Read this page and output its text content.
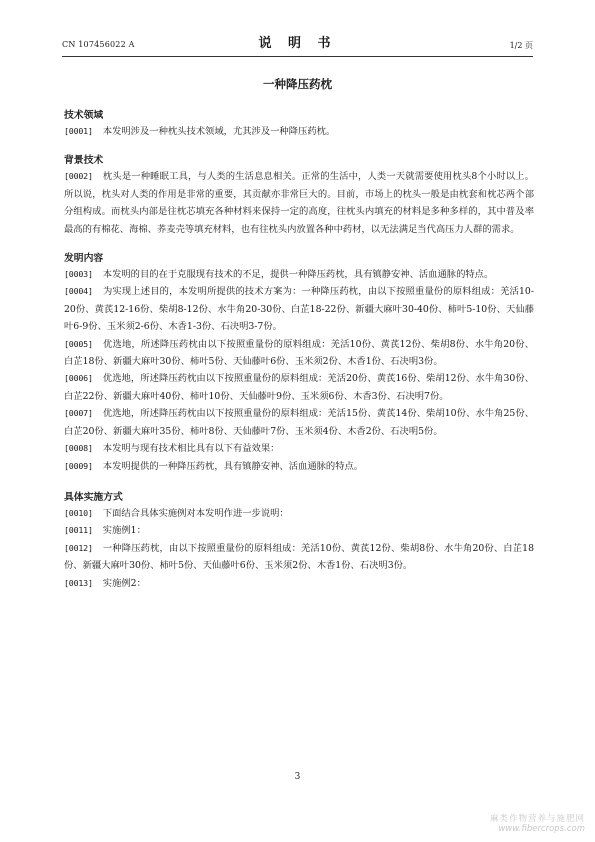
CN 107456022 A	说 明 书	1/2 页
一种降压药枕
技术领域

[0001] 本发明涉及一种枕头技术领域，尤其涉及一种降压药枕。

背景技术

[0002] 枕头是一种睡眠工具，与人类的生活息息相关。正常的生活中，人类一天就需要使用枕头8个小时以上。所以说，枕头对人类的作用是非常的重要，其贡献亦非常巨大的。目前，市场上的枕头一般是由枕套和枕芯两个部分组构成。而枕头内部是往枕芯填充各种材料来保持一定的高度，往枕头内填充的材料是多种多样的，其中普及率最高的有棉花、海棉、荞麦壳等填充材料，也有往枕头内放置各种中药材，以无法满足当代高压力人群的需求。

发明内容

[0003] 本发明的目的在于克服现有技术的不足，提供一种降压药枕，具有镇静安神、活血通脉的特点。

[0004] 为实现上述目的，本发明所提供的技术方案为：一种降压药枕，由以下按照重量份的原料组成：羌活10-20份、黄芪12-16份、柴胡8-12份、水牛角20-30份、白芷18-22份、新疆大麻叶30-40份、柿叶5-10份、天仙藤叶6-9份、玉米须2-6份、木香1-3份、石决明3-7份。

[0005] 优选地，所述降压药枕由以下按照重量份的原料组成：羌活10份、黄芪12份、柴胡8份、水牛角20份、白芷18份、新疆大麻叶30份、柿叶5份、天仙藤叶6份、玉米须2份、木香1份、石决明3份。

[0006] 优选地，所述降压药枕由以下按照重量份的原料组成：羌活20份、黄芪16份、柴胡12份、水牛角30份、白芷22份、新疆大麻叶40份、柿叶10份、天仙藤叶9份、玉米须6份、木香3份、石决明7份。

[0007] 优选地，所述降压药枕由以下按照重量份的原料组成：羌活15份、黄芪14份、柴胡10份、水牛角25份、白芷20份、新疆大麻叶35份、柿叶8份、天仙藤叶7份、玉米须4份、木香2份、石决明5份。

[0008] 本发明与现有技术相比具有以下有益效果：

[0009] 本发明提供的一种降压药枕，具有镇静安神、活血通脉的特点。

具体实施方式

[0010] 下面结合具体实施例对本发明作进一步说明：

[0011] 实施例1：

[0012] 一种降压药枕，由以下按照重量份的原料组成：羌活10份、黄芪12份、柴胡8份、水牛角20份、白芷18份、新疆大麻叶30份、柿叶5份、天仙藤叶6份、玉米须2份、木香1份、石决明3份。

[0013] 实施例2：

3
麻类作物营养与施肥网
www.fibercrops.com
